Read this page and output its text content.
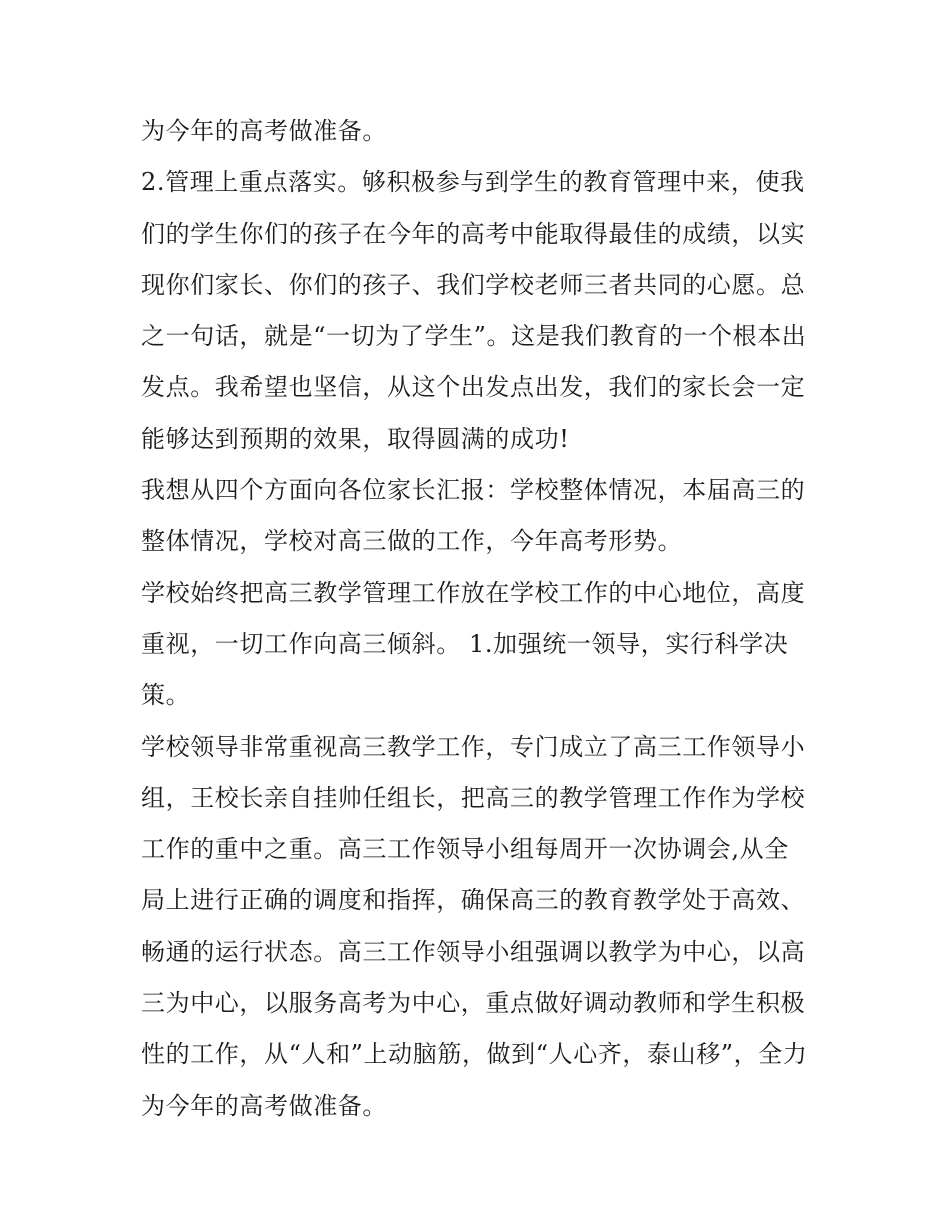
为今年的高考做准备。
2.管理上重点落实。够积极参与到学生的教育管理中来，使我
们的学生你们的孩子在今年的高考中能取得最佳的成绩，以实
现你们家长、你们的孩子、我们学校老师三者共同的心愿。总
之一句话，就是“一切为了学生”。这是我们教育的一个根本出
发点。我希望也坚信，从这个出发点出发，我们的家长会一定
能够达到预期的效果，取得圆满的成功!
我想从四个方面向各位家长汇报：学校整体情况，本届高三的
整体情况，学校对高三做的工作，今年高考形势。
学校始终把高三教学管理工作放在学校工作的中心地位，高度
重视，一切工作向高三倾斜。 1.加强统一领导，实行科学决
策。
学校领导非常重视高三教学工作，专门成立了高三工作领导小
组，王校长亲自挂帅任组长，把高三的教学管理工作作为学校
工作的重中之重。高三工作领导小组每周开一次协调会,从全
局上进行正确的调度和指挥，确保高三的教育教学处于高效、
畅通的运行状态。高三工作领导小组强调以教学为中心，以高
三为中心，以服务高考为中心，重点做好调动教师和学生积极
性的工作，从“人和”上动脑筋，做到“人心齐，泰山移”，全力
为今年的高考做准备。
